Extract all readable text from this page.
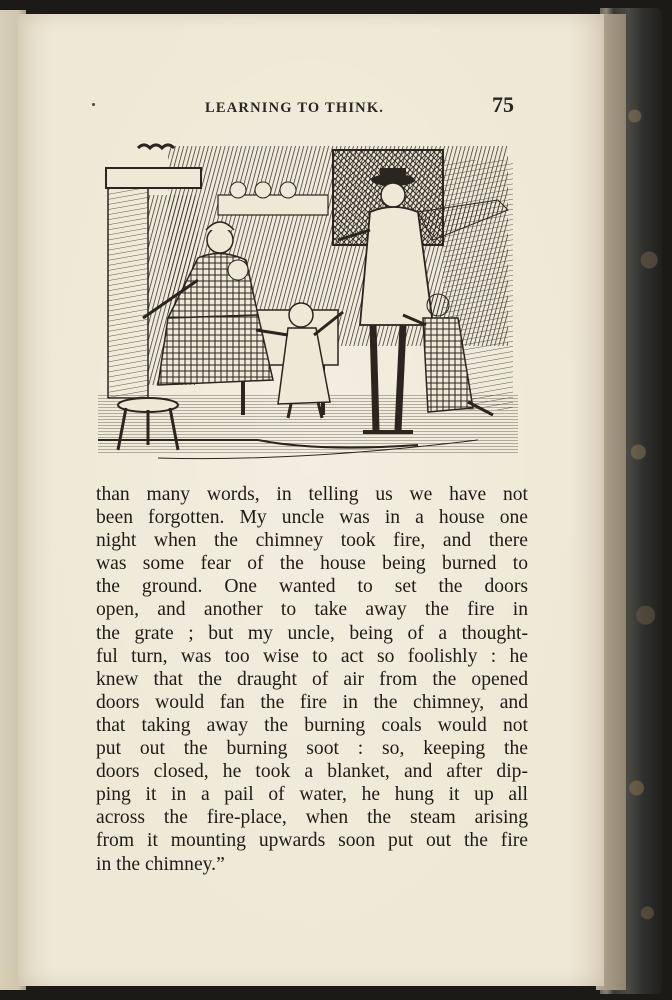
LEARNING TO THINK.	75
than many words, in telling us we have not
been forgotten. My uncle was in a house one
night when the chimney took fire, and there
was some fear of the house being burned to
the ground. One wanted to set the doors
open, and another to take away the fire in
the grate ; but my uncle, being of a thought-
ful turn, was too wise to act so foolishly : he
knew that the draught of air from the opened
doors would fan the fire in the chimney, and
that taking away the burning coals would not
put out the burning soot : so, keeping the
doors closed, he took a blanket, and after dip-
ping it in a pail of water, he hung it up all
across the fire-place, when the steam arising
from it mounting upwards soon put out the fire
in the chimney.”
